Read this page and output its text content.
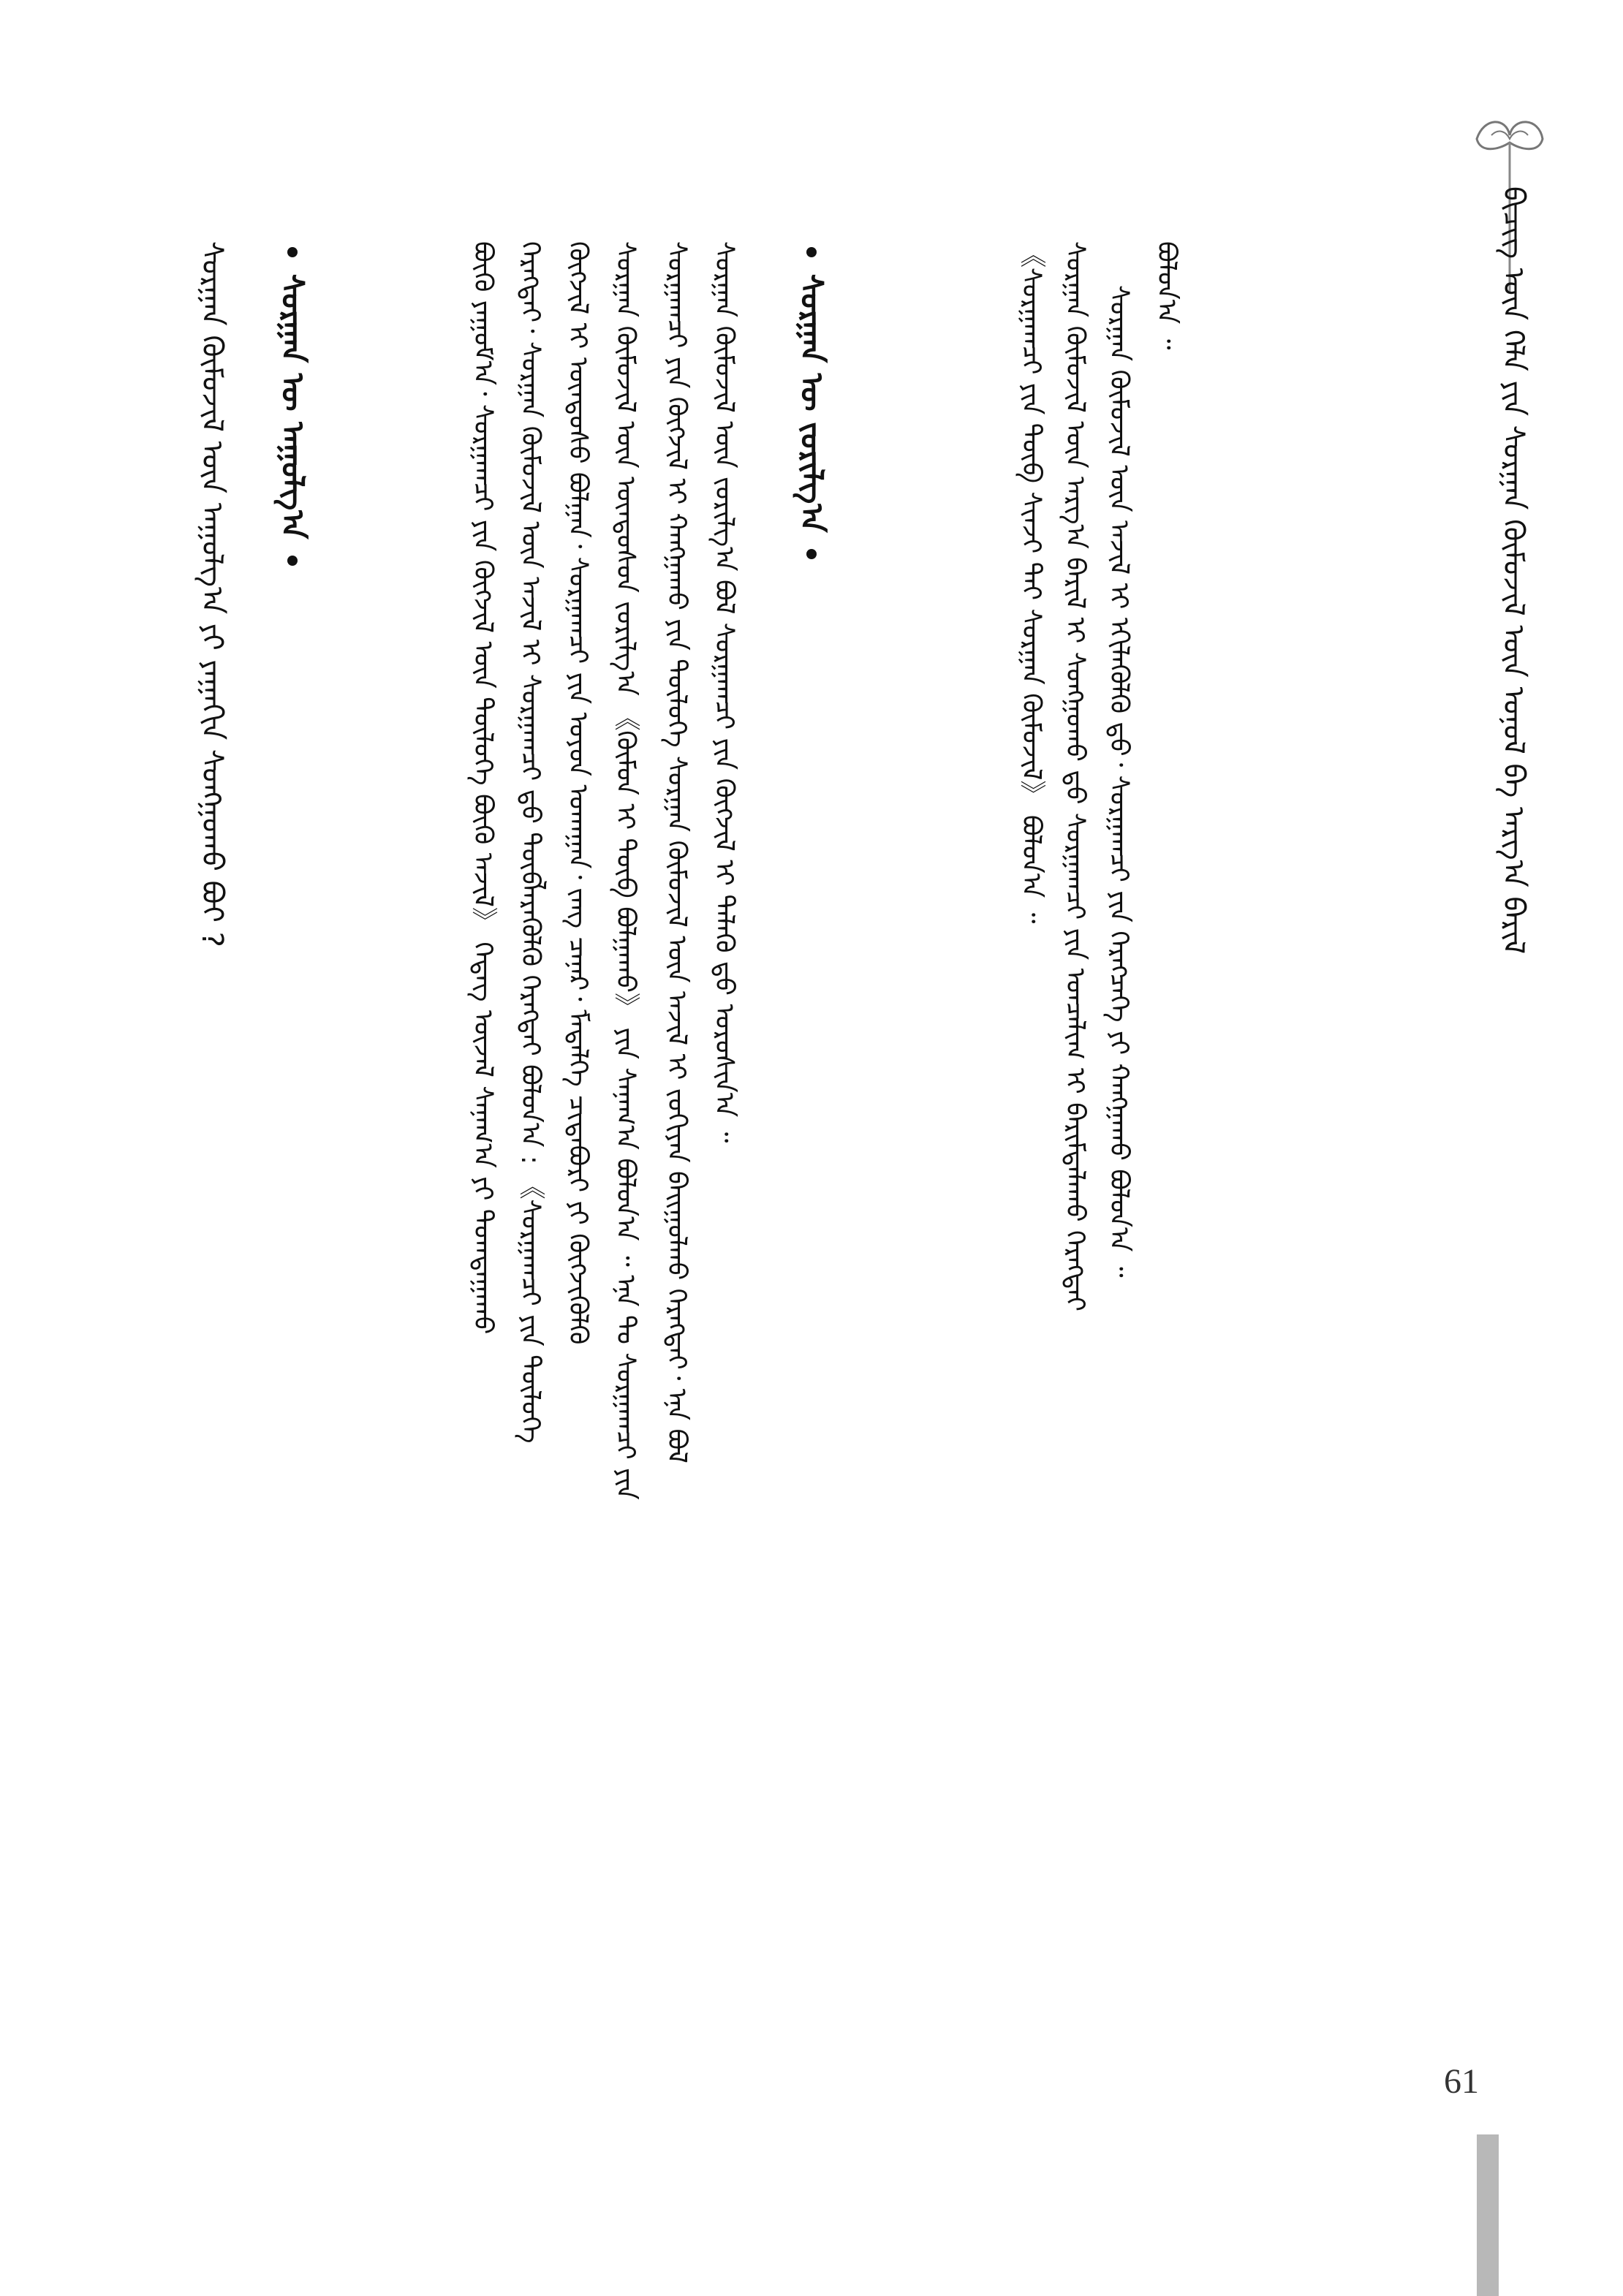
ᠪᠢᠴᠢᠭ ᠦᠨ ᠬᠡᠯᠡ ᠶᠢᠨ ᠰᠤᠷᠭᠠᠨ ᠬᠦᠮᠦᠵᠢᠯ ᠦᠨ ᠣᠨᠣᠯ ᠪᠠ ᠠᠷᠭ᠎ᠠ ᠪᠠᠷᠢᠯ
ᠪᠣᠯᠤᠨ᠎ᠠ ᠃
ᠰᠤᠷᠭᠠᠨ ᠬᠦᠮᠦᠵᠢᠯ ᠦᠨ ᠠᠵᠢᠯ ᠢ ᠡᠬᠢᠯᠡᠭᠦᠯᠬᠦ ᠳ᠋ᠤ᠂ ᠰᠤᠷᠭᠠᠭᠴᠢ ᠶᠢᠨ ᠬᠡᠷᠡᠭᠴᠡᠭᠡ ᠶᠢ ᠬᠠᠩᠭᠠᠬᠤ ᠪᠣᠯᠤᠨ᠎ᠠ ᠃
ᠰᠤᠷᠭᠠᠨ ᠬᠦᠮᠦᠵᠢᠯ ᠦᠨ ᠠᠷᠭ᠎ᠠ ᠪᠠᠷᠢᠯ ᠢ ᠰᠣᠩᠭᠣᠬᠤ ᠳ᠋ᠤ ᠰᠤᠷᠭᠠᠭᠴᠢ ᠶᠢᠨ ᠣᠨᠴᠠᠯᠢᠭ ᠢ ᠪᠠᠷᠢᠮᠲᠠᠯᠠᠬᠤ ᠬᠡᠷᠡᠭᠲᠡᠢ
《ᠰᠤᠷᠭᠠᠭᠴᠢ ᠶᠢᠨ ᠲᠥᠪ ᠰᠢᠨᠵᠢ ᠲᠠᠢ ᠰᠤᠷᠭᠠᠨ ᠬᠦᠮᠦᠵᠢᠯ》 ᠪᠣᠯᠤᠨ᠎ᠠ ᠃
ᠰᠤᠷᠭᠠᠨ ᠦ ᠵᠣᠷᠢᠯᠭ᠎ᠠ
ᠰᠤᠷᠭᠠᠨ ᠬᠦᠮᠦᠵᠢᠯ ᠦᠨ ᠵᠣᠷᠢᠯᠭ᠎ᠠ ᠪᠣᠯ ᠰᠤᠷᠭᠠᠭᠴᠢ ᠶᠢᠨ ᠬᠥᠭᠵᠢᠯ ᠢ ᠲᠡᠯᠡᠬᠦ ᠳ᠋ᠤ ᠣᠷᠣᠰᠢᠨ᠎ᠠ ᠃
ᠰᠤᠷᠭᠠᠭᠴᠢ ᠶᠢᠨ ᠬᠥᠭᠵᠢᠯ ᠢ ᠬᠠᠩᠭᠠᠬᠤ ᠶᠢᠨ ᠲᠥᠯᠦᠭᠡ ᠰᠤᠷᠭᠠᠨ ᠬᠦᠮᠦᠵᠢᠯ ᠦᠨ ᠠᠵᠢᠯ ᠢ ᠵᠣᠬᠢᠶᠠᠨ ᠪᠠᠢᠭᠤᠯᠬᠤ ᠬᠡᠷᠡᠭᠲᠡᠢ᠂ ᠡᠨᠡ ᠪᠣᠯ
ᠰᠤᠷᠭᠠᠨ ᠬᠦᠮᠦᠵᠢᠯ ᠦᠨ ᠦᠨᠳᠦᠰᠦᠨ ᠵᠣᠷᠢᠯᠭ᠎ᠠ 《ᠬᠦᠮᠦᠨ ᠢ ᠲᠥᠪ ᠪᠣᠯᠭᠠᠬᠤ》 ᠶᠢᠨ ᠰᠠᠨᠠᠭ᠎ᠠ ᠪᠣᠯᠤᠨ᠎ᠠ ᠃ ᠡᠨᠡ ᠲᠤ ᠰᠤᠷᠭᠠᠭᠴᠢ ᠶᠢᠨ
ᠬᠥᠭᠵᠢᠯ ᠢ ᠦᠨᠳᠦᠰᠦ ᠪᠣᠯᠭᠠᠨ᠂ ᠰᠤᠷᠭᠠᠭᠴᠢ ᠶᠢᠨ ᠣᠶᠤᠨ ᠤᠬᠠᠭᠠᠨ᠂ ᠵᠠᠩ ᠴᠠᠨᠠᠷ᠂ ᠮᠡᠳᠡᠯᠭᠡ ᠴᠢᠳᠠᠪᠤᠷᠢ ᠶᠢ ᠬᠥᠭᠵᠢᠭᠦᠯᠬᠦ
ᠬᠡᠷᠡᠭᠲᠡᠢ᠂ ᠰᠤᠷᠭᠠᠨ ᠬᠦᠮᠦᠵᠢᠯ ᠦᠨ ᠠᠵᠢᠯ ᠢ ᠰᠤᠷᠭᠠᠭᠴᠢ ᠳ᠋ᠤ ᠲᠥᠪᠯᠡᠷᠡᠭᠦᠯᠬᠦ ᠬᠡᠷᠡᠭᠲᠡᠢ ᠪᠣᠯᠤᠨ᠎ᠠ : 《ᠰᠤᠷᠭᠠᠭᠴᠢ ᠶᠢᠨ ᠲᠥᠯᠦᠭᠡ
ᠪᠦᠬᠦ ᠶᠠᠭᠤᠮ᠎ᠠ᠂ ᠰᠤᠷᠭᠠᠭᠴᠢ ᠶᠢᠨ ᠬᠥᠭᠵᠢᠯ ᠦᠨ ᠲᠥᠯᠦᠭᠡ ᠪᠦᠬᠦ ᠠᠵᠢᠯ》 ᠭᠡᠳᠡᠭ ᠦᠵᠡᠯ ᠰᠠᠨᠠᠭ᠎ᠠ ᠶᠢ ᠲᠣᠭᠲᠠᠭᠠᠬᠤ
ᠰᠤᠷᠭᠠᠨ ᠦ ᠠᠭᠤᠯᠭ᠎ᠠ
ᠰᠤᠷᠭᠠᠨ ᠬᠦᠮᠦᠵᠢᠯ ᠦᠨ ᠠᠭᠤᠯᠭ᠎ᠠ ᠶᠢ ᠶᠠᠭᠠᠬᠢᠨ ᠰᠣᠩᠭᠣᠬᠤ ᠪᠤᠢ ?
61
